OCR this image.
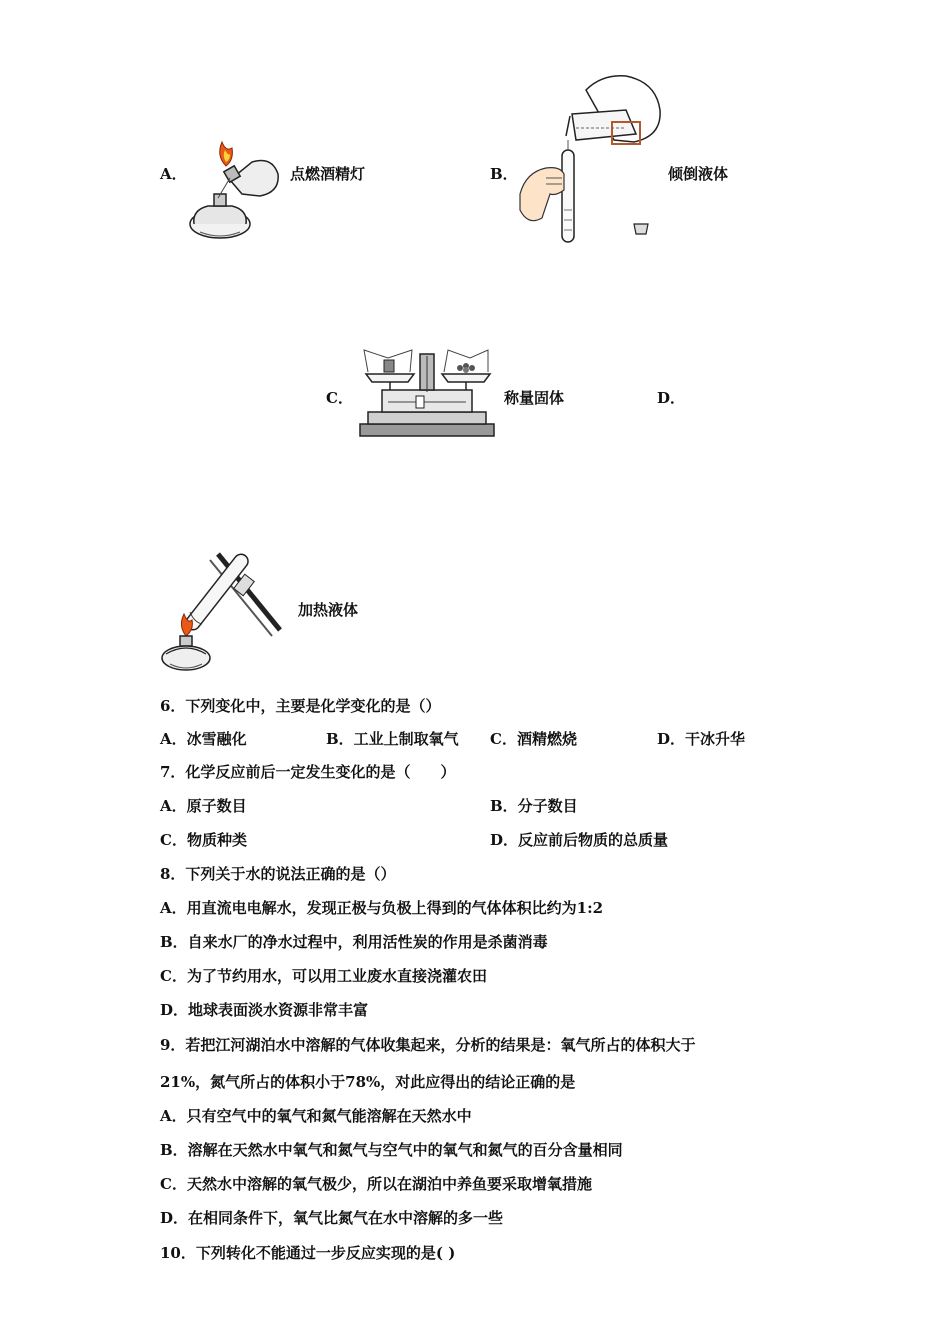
A．	点燃酒精灯	B．	倾倒液体
C．	称量固体	D．
加热液体
6．下列变化中，主要是化学变化的是（）
A．冰雪融化	B．工业上制取氧气 C．酒精燃烧	D．干冰升华
7．化学反应前后一定发生变化的是（　　）
A．原子数目	B．分子数目
C．物质种类	D．反应前后物质的总质量
8．下列关于水的说法正确的是（）
A．用直流电电解水，发现正极与负极上得到的气体体积比约为1:2
B．自来水厂的净水过程中，利用活性炭的作用是杀菌消毒
C．为了节约用水，可以用工业废水直接浇灌农田
D．地球表面淡水资源非常丰富
9．若把江河湖泊水中溶解的气体收集起来，分析的结果是：氧气所占的体积大于
21%，氮气所占的体积小于78%，对此应得出的结论正确的是
A．只有空气中的氧气和氮气能溶解在天然水中
B．溶解在天然水中氧气和氮气与空气中的氧气和氮气的百分含量相同
C．天然水中溶解的氧气极少，所以在湖泊中养鱼要采取增氧措施
D．在相同条件下，氧气比氮气在水中溶解的多一些
10．下列转化不能通过一步反应实现的是( )
